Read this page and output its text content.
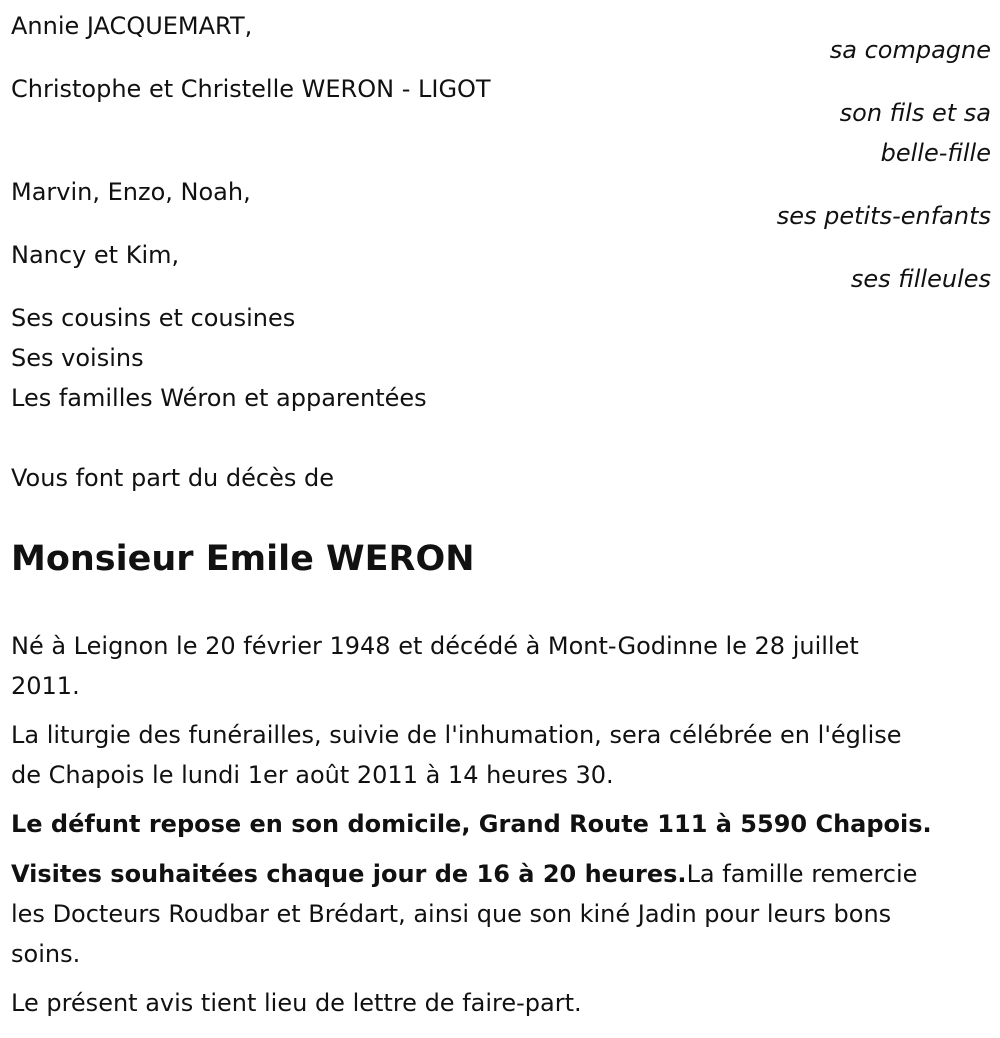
Annie JACQUEMART,
sa compagne
Christophe et Christelle WERON - LIGOT
son fils et sa
belle-fille
Marvin, Enzo, Noah,
ses petits-enfants
Nancy et Kim,
ses filleules
Ses cousins et cousines
Ses voisins
Les familles Wéron et apparentées
Vous font part du décès de
Monsieur Emile WERON
Né à Leignon le 20 février 1948 et décédé à Mont-Godinne le 28 juillet
2011.
La liturgie des funérailles, suivie de l'inhumation, sera célébrée en l'église
de Chapois le lundi 1er août 2011 à 14 heures 30.
Le défunt repose en son domicile, Grand Route 111 à 5590 Chapois.
Visites souhaitées chaque jour de 16 à 20 heures.La famille remercie
les Docteurs Roudbar et Brédart, ainsi que son kiné Jadin pour leurs bons
soins.
Le présent avis tient lieu de lettre de faire-part.
